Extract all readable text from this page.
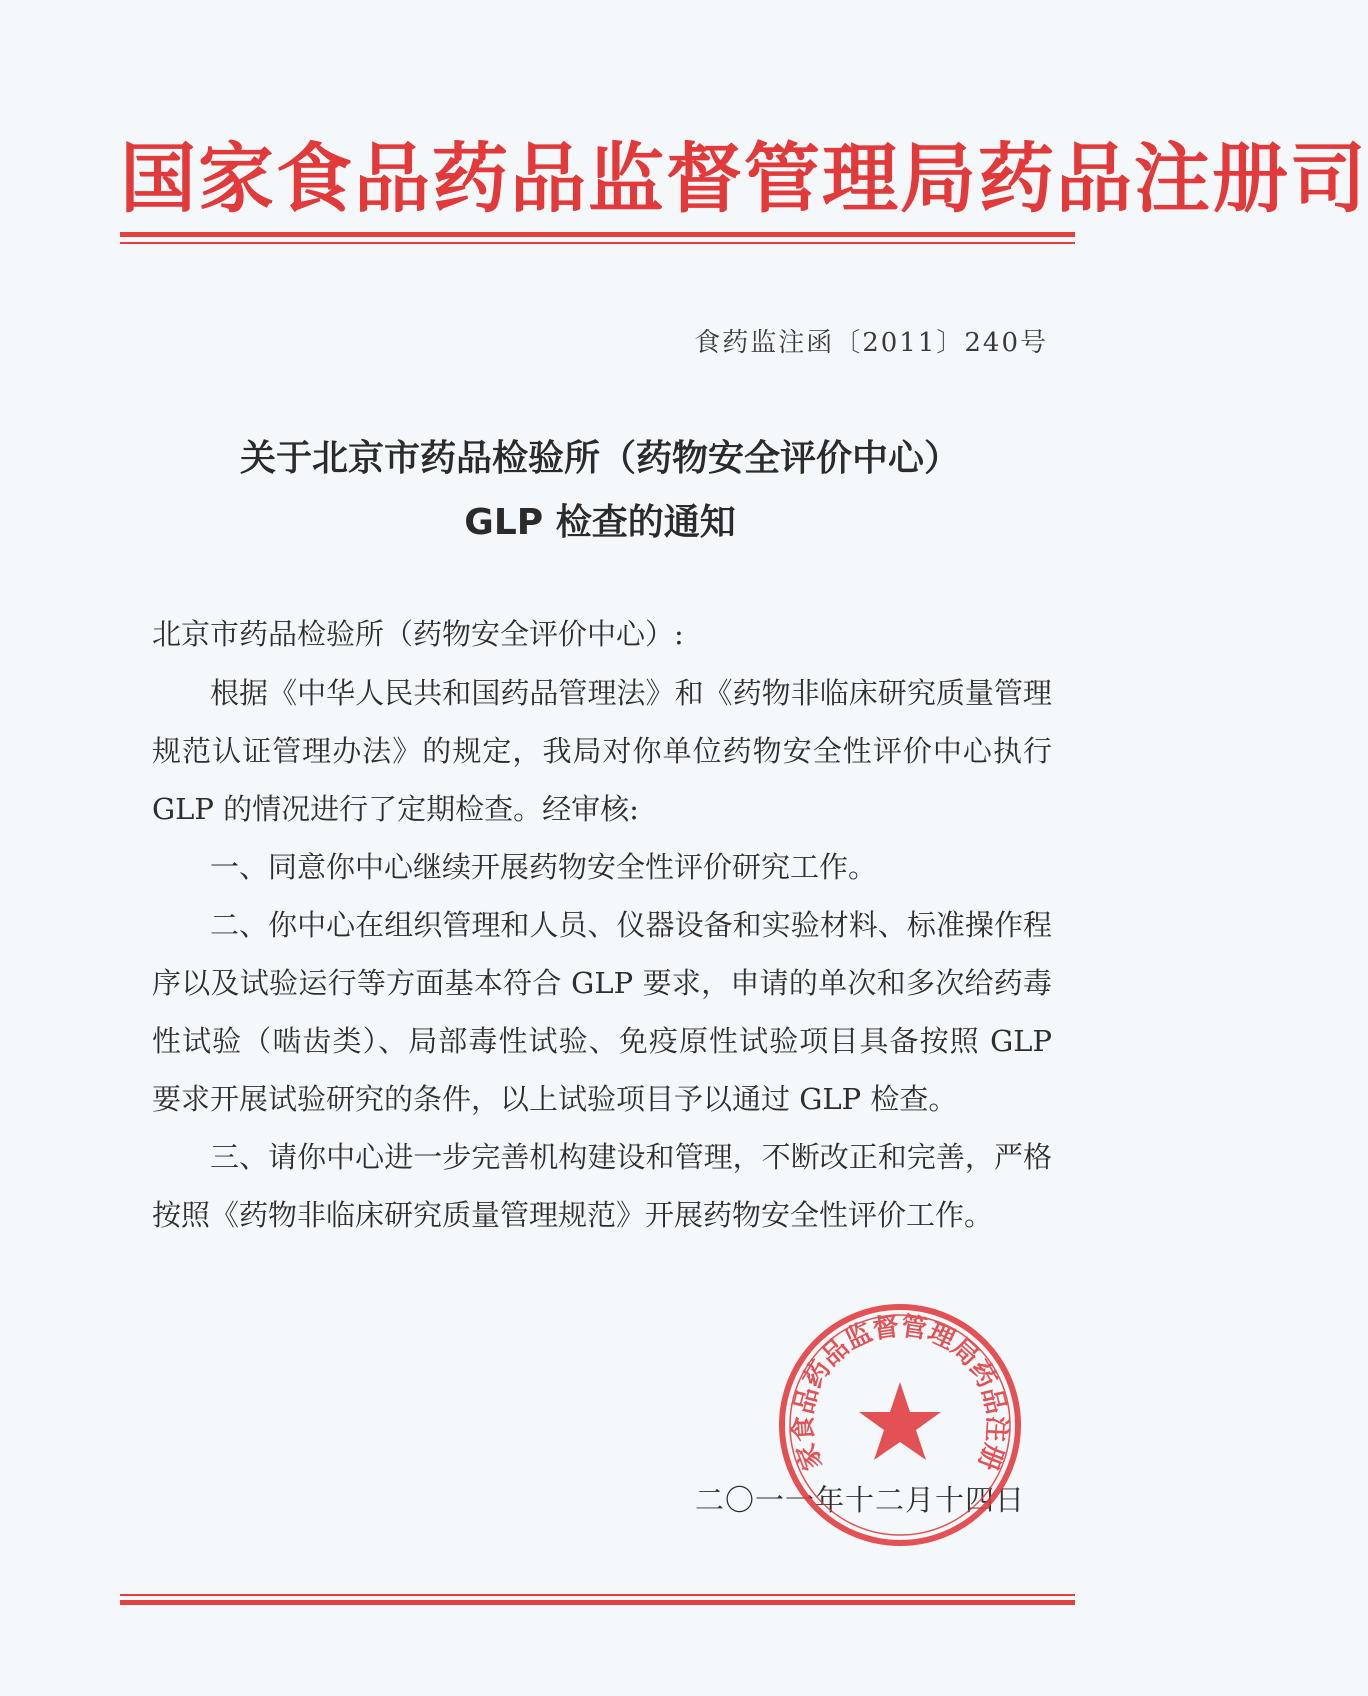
国家食品药品监督管理局药品注册司
食药监注函〔2011〕240号
关于北京市药品检验所（药物安全评价中心）
GLP 检查的通知
北京市药品检验所（药物安全评价中心）:

根据《中华人民共和国药品管理法》和《药物非临床研究质量管理规范认证管理办法》的规定，我局对你单位药物安全性评价中心执行 GLP 的情况进行了定期检查。经审核:

一、同意你中心继续开展药物安全性评价研究工作。

二、你中心在组织管理和人员、仪器设备和实验材料、标准操作程序以及试验运行等方面基本符合 GLP 要求，申请的单次和多次给药毒性试验（啮齿类）、局部毒性试验、免疫原性试验项目具备按照 GLP 要求开展试验研究的条件，以上试验项目予以通过 GLP 检查。

三、请你中心进一步完善机构建设和管理，不断改正和完善，严格按照《药物非临床研究质量管理规范》开展药物安全性评价工作。

二〇一一年十二月十四日
家食品药品监督管理局药品注册
